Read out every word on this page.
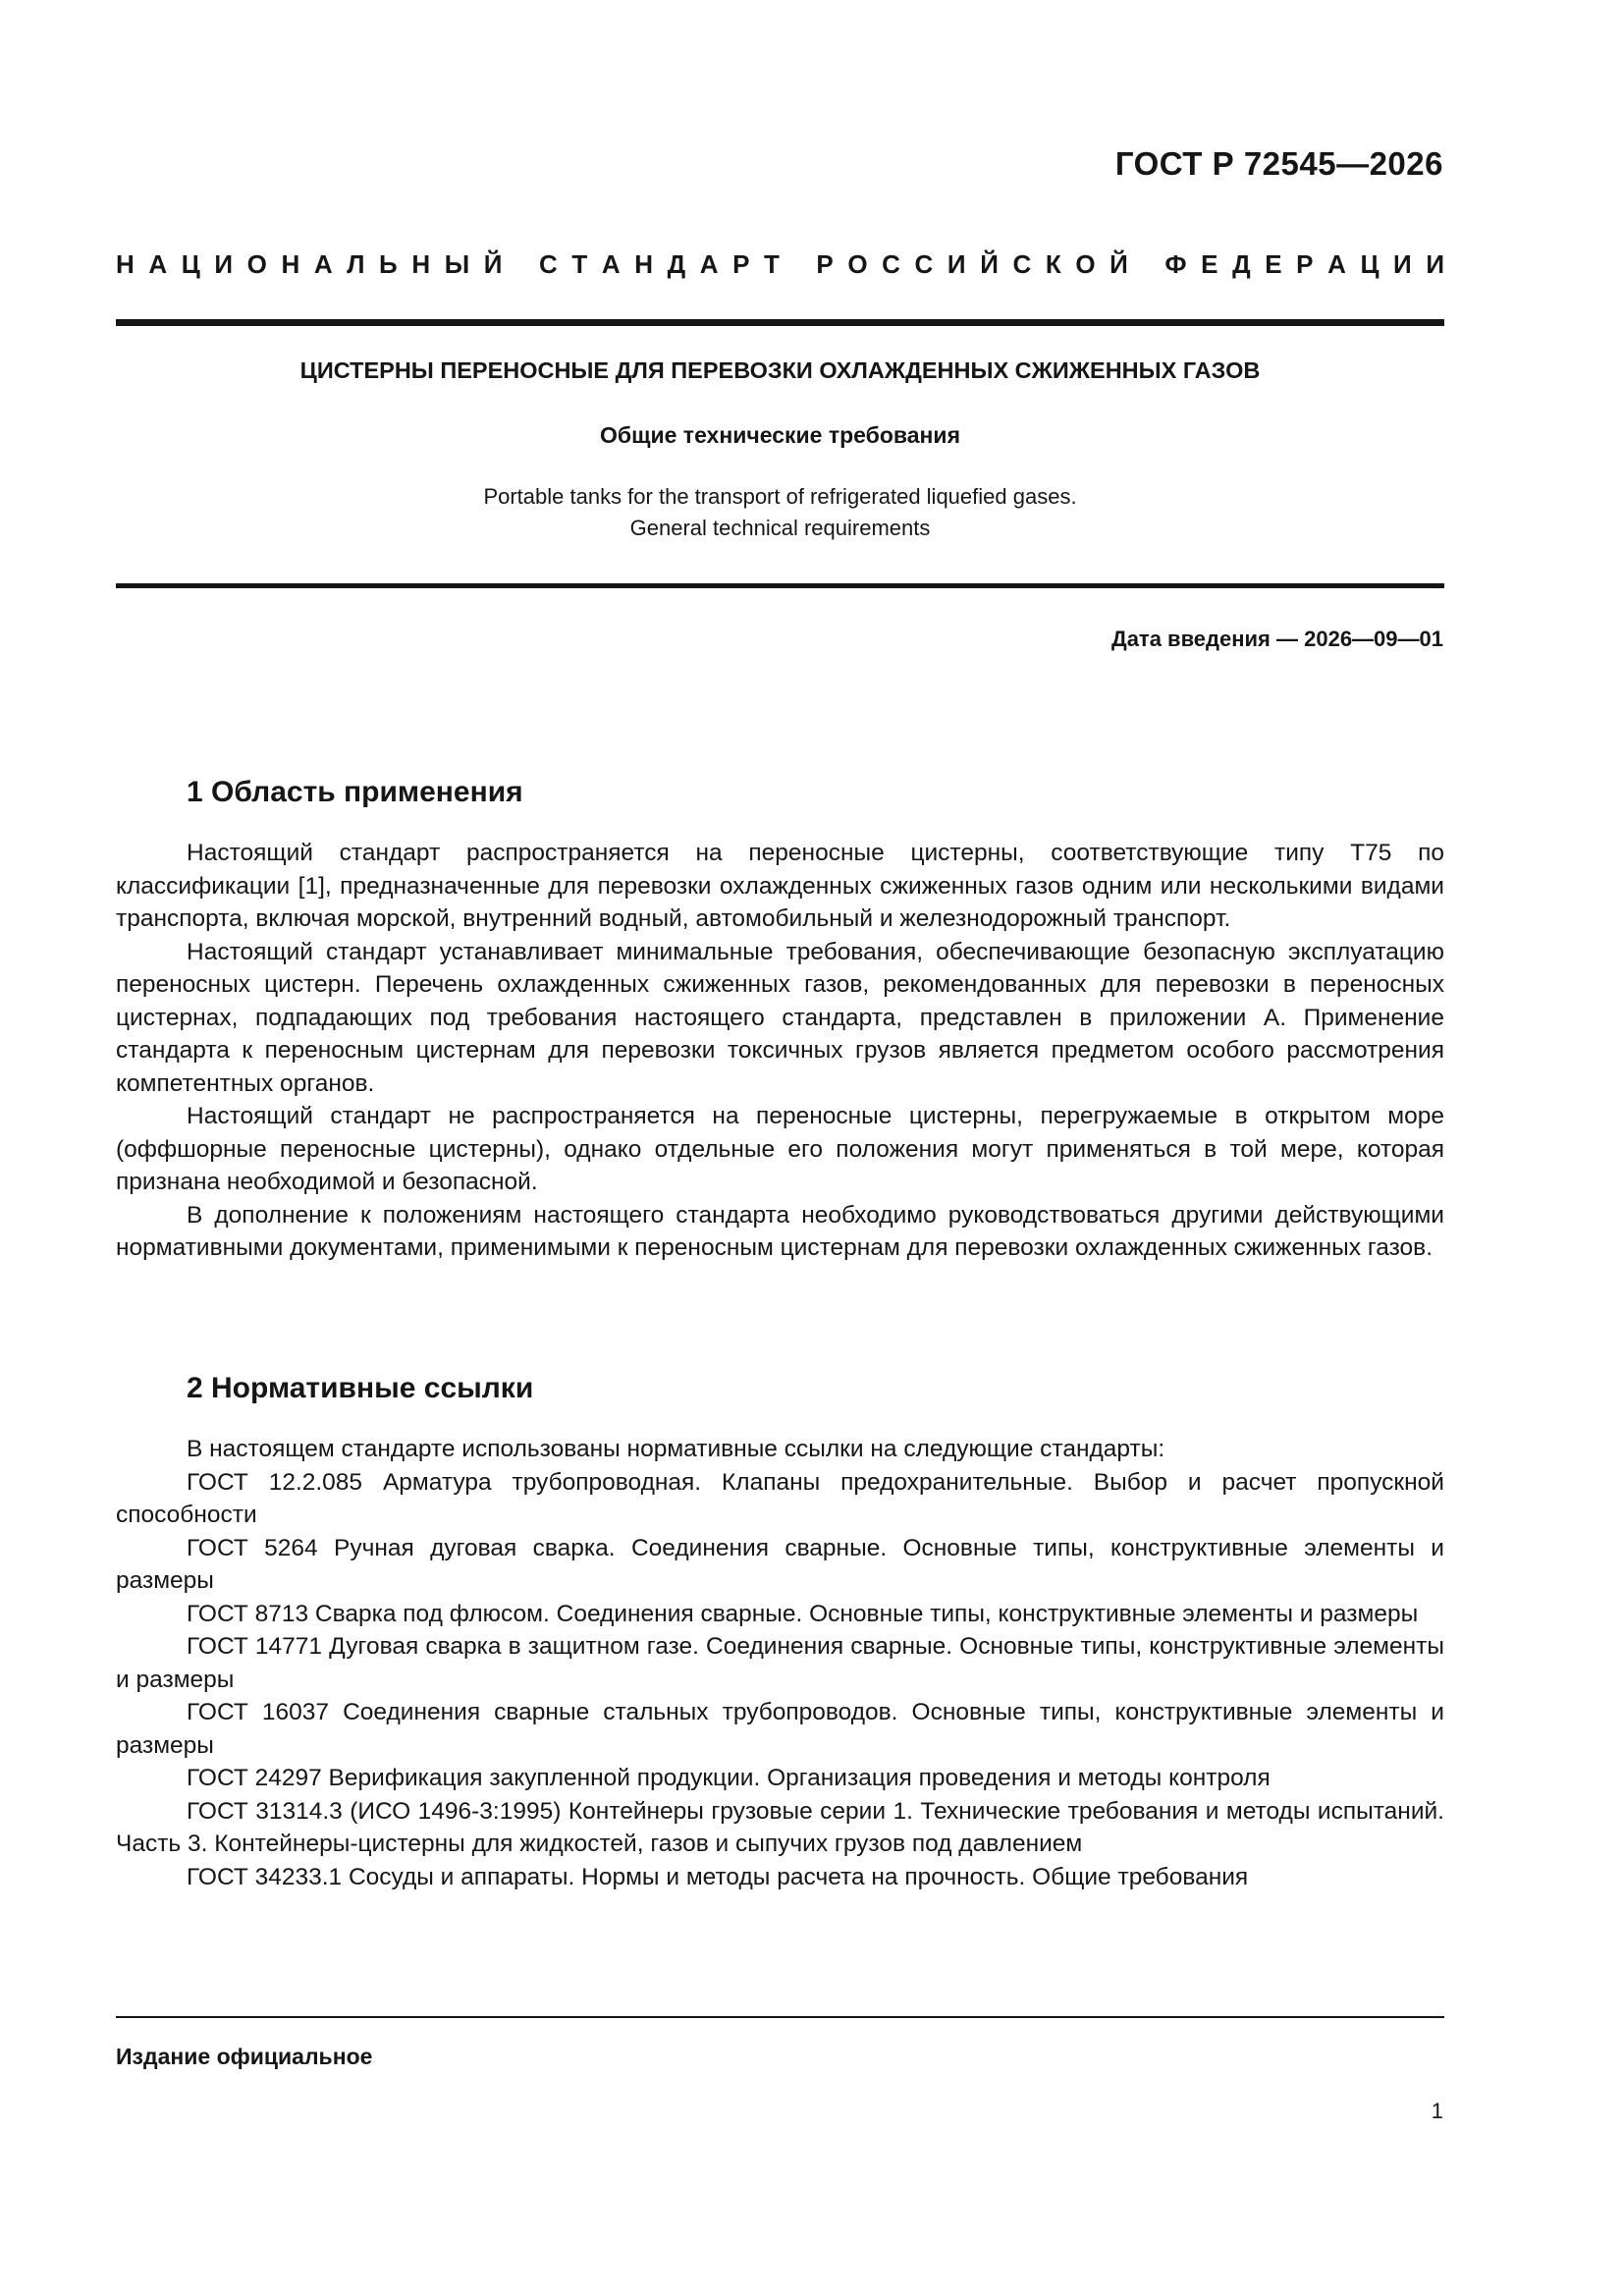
ГОСТ Р 72545—2026
Н А Ц И О Н А Л Ь Н Ы Й С Т А Н Д А Р Т Р О С С И Й С К О Й Ф Е Д Е Р А Ц И И
ЦИСТЕРНЫ ПЕРЕНОСНЫЕ ДЛЯ ПЕРЕВОЗКИ ОХЛАЖДЕННЫХ СЖИЖЕННЫХ ГАЗОВ
Общие технические требования
Portable tanks for the transport of refrigerated liquefied gases.
General technical requirements
Дата введения — 2026—09—01
1 Область применения

Настоящий стандарт распространяется на переносные цистерны, соответствующие типу T75 по классификации [1], предназначенные для перевозки охлажденных сжиженных газов одним или несколькими видами транспорта, включая морской, внутренний водный, автомобильный и железнодорожный транспорт.

Настоящий стандарт устанавливает минимальные требования, обеспечивающие безопасную эксплуатацию переносных цистерн. Перечень охлажденных сжиженных газов, рекомендованных для перевозки в переносных цистернах, подпадающих под требования настоящего стандарта, представлен в приложении А. Применение стандарта к переносным цистернам для перевозки токсичных грузов является предметом особого рассмотрения компетентных органов.

Настоящий стандарт не распространяется на переносные цистерны, перегружаемые в открытом море (оффшорные переносные цистерны), однако отдельные его положения могут применяться в той мере, которая признана необходимой и безопасной.

В дополнение к положениям настоящего стандарта необходимо руководствоваться другими действующими нормативными документами, применимыми к переносным цистернам для перевозки охлажденных сжиженных газов.

2 Нормативные ссылки

В настоящем стандарте использованы нормативные ссылки на следующие стандарты:

ГОСТ 12.2.085 Арматура трубопроводная. Клапаны предохранительные. Выбор и расчет пропускной способности

ГОСТ 5264 Ручная дуговая сварка. Соединения сварные. Основные типы, конструктивные элементы и размеры

ГОСТ 8713 Сварка под флюсом. Соединения сварные. Основные типы, конструктивные элементы и размеры

ГОСТ 14771 Дуговая сварка в защитном газе. Соединения сварные. Основные типы, конструктивные элементы и размеры

ГОСТ 16037 Соединения сварные стальных трубопроводов. Основные типы, конструктивные элементы и размеры

ГОСТ 24297 Верификация закупленной продукции. Организация проведения и методы контроля

ГОСТ 31314.3 (ИСО 1496-3:1995) Контейнеры грузовые серии 1. Технические требования и методы испытаний. Часть 3. Контейнеры-цистерны для жидкостей, газов и сыпучих грузов под давлением

ГОСТ 34233.1 Сосуды и аппараты. Нормы и методы расчета на прочность. Общие требования

Издание официальное
1
